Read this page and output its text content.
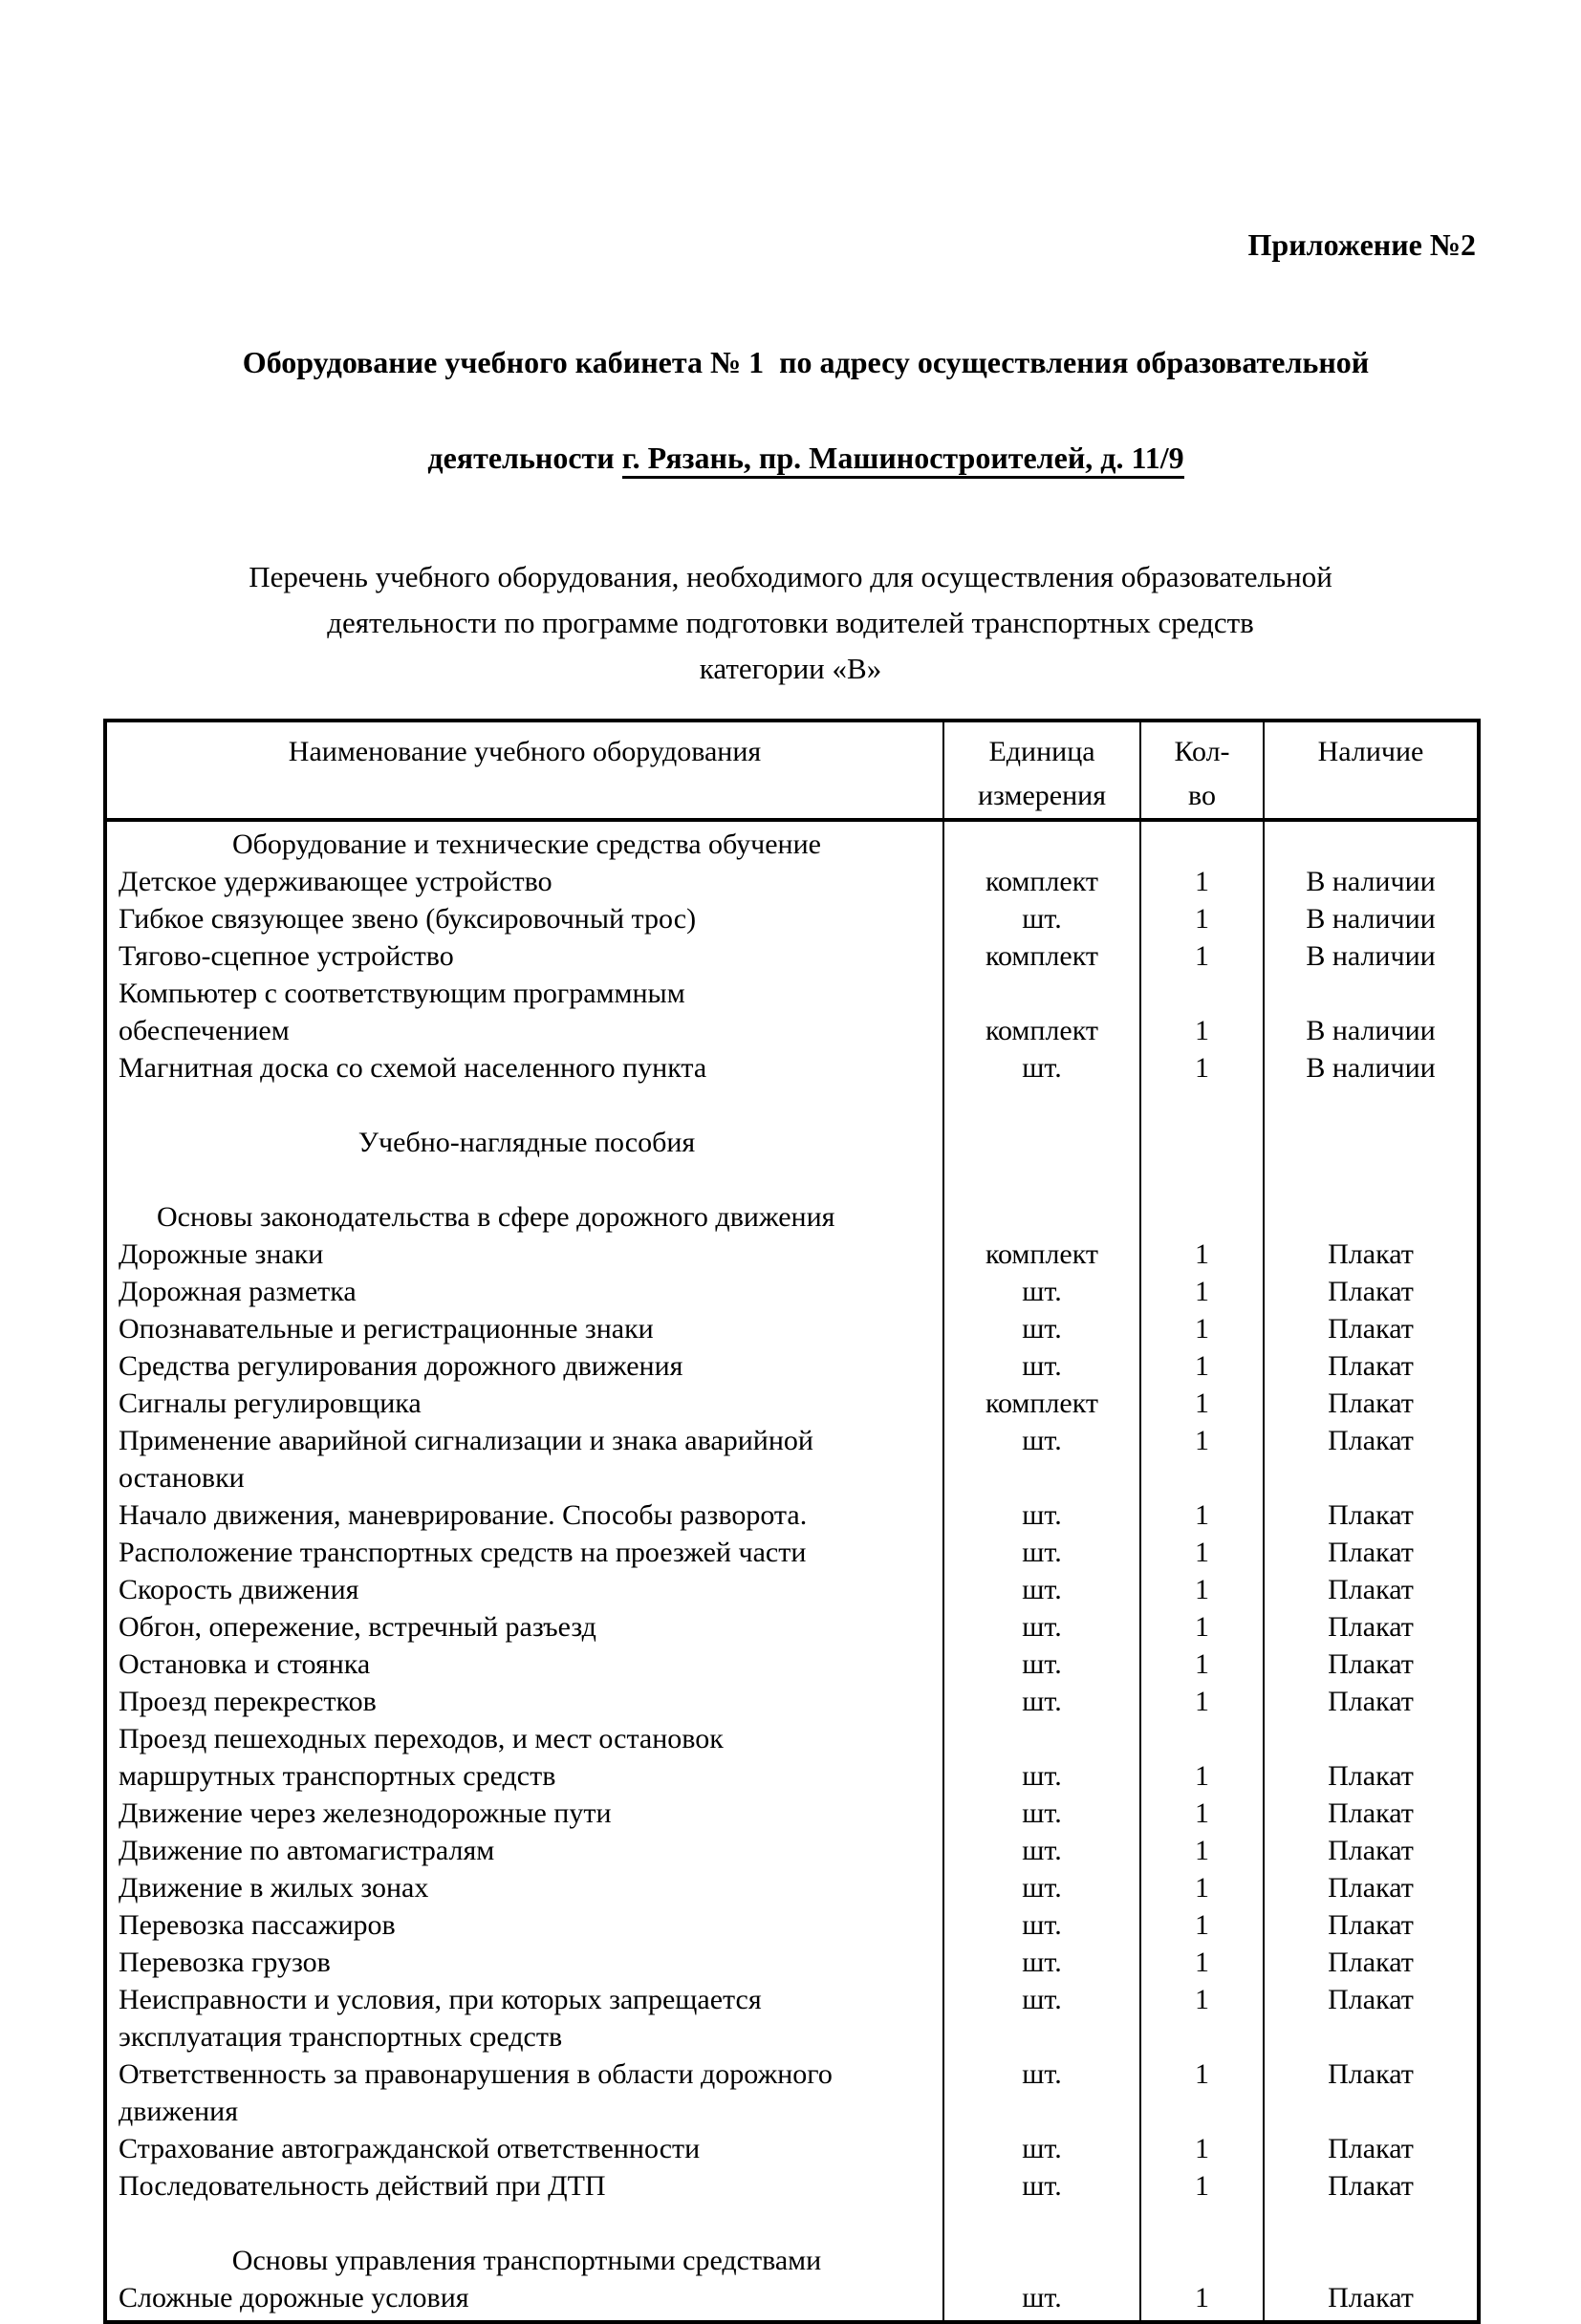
Приложение №2

Оборудование учебного кабинета № 1  по адресу осуществления образовательной

деятельности г. Рязань, пр. Машиностроителей, д. 11/9

Перечень учебного оборудования, необходимого для осуществления образовательной
деятельности по программе подготовки водителей транспортных средств
категории «В»
Наименование учебного оборудования	Единица измерения	Кол-во	Наличие

Оборудование и технические средства обучение			

Детское удерживающее устройство	комплект	1	В наличии

Гибкое связующее звено (буксировочный трос)	шт.	1	В наличии

Тягово-сцепное устройство	комплект	1	В наличии

Компьютер с соответствующим программным
обеспечением	комплект	1	В наличии

Магнитная доска со схемой населенного пункта	шт.	1	В наличии

Учебно-наглядные пособия			

Основы законодательства в сфере дорожного движения			

Дорожные знаки	комплект	1	Плакат

Дорожная разметка	шт.	1	Плакат

Опознавательные и регистрационные знаки	шт.	1	Плакат

Средства регулирования дорожного движения	шт.	1	Плакат

Сигналы регулировщика	комплект	1	Плакат

Применение аварийной сигнализации и знака аварийной
остановки	шт.	1	Плакат

Начало движения, маневрирование. Способы разворота.	шт.	1	Плакат

Расположение транспортных средств на проезжей части	шт.	1	Плакат

Скорость движения	шт.	1	Плакат

Обгон, опережение, встречный разъезд	шт.	1	Плакат

Остановка и стоянка	шт.	1	Плакат

Проезд перекрестков	шт.	1	Плакат

Проезд пешеходных переходов, и мест остановок
маршрутных транспортных средств	шт.	1	Плакат

Движение через железнодорожные пути	шт.	1	Плакат

Движение по автомагистралям	шт.	1	Плакат

Движение в жилых зонах	шт.	1	Плакат

Перевозка пассажиров	шт.	1	Плакат

Перевозка грузов	шт.	1	Плакат

Неисправности и условия, при которых запрещается
эксплуатация транспортных средств	шт.	1	Плакат

Ответственность за правонарушения в области дорожного
движения	шт.	1	Плакат

Страхование автогражданской ответственности	шт.	1	Плакат

Последовательность действий при ДТП	шт.	1	Плакат

Основы управления транспортными средствами			

Сложные дорожные условия	шт.	1	Плакат
